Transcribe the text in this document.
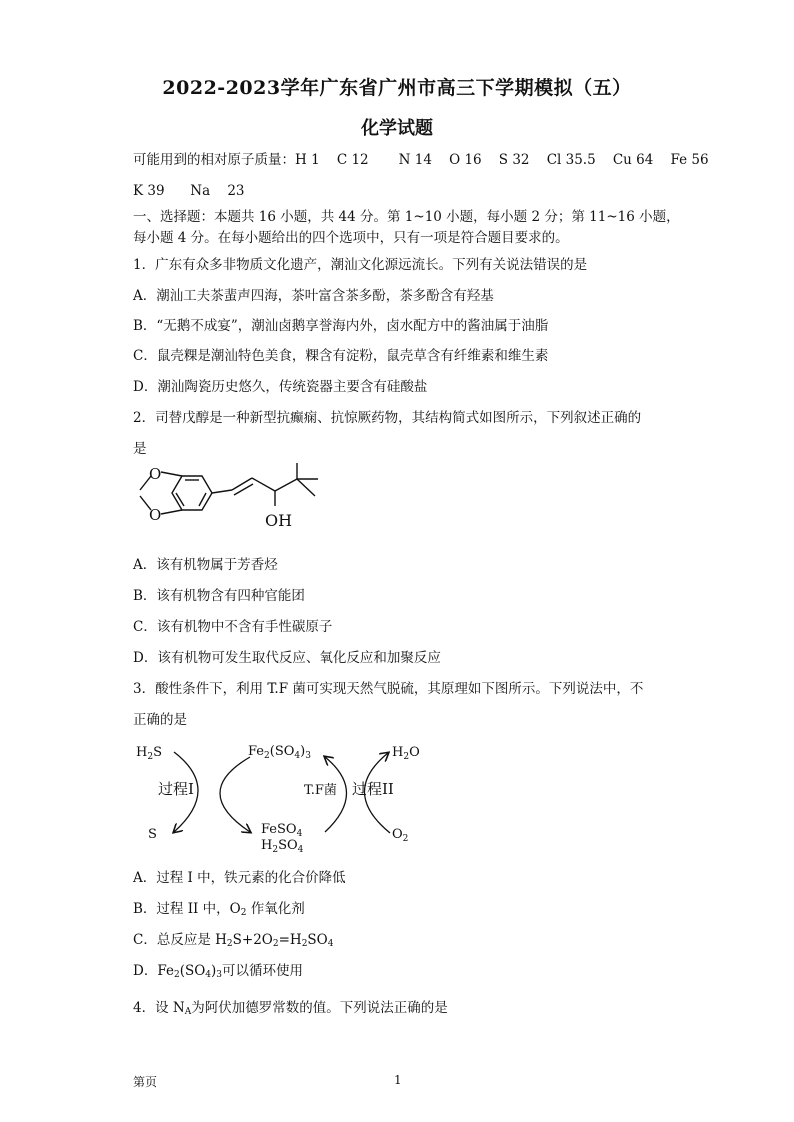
2022-2023学年广东省广州市高三下学期模拟（五）
化学试题
可能用到的相对原子质量：H 1    C 12       N 14    O 16    S 32    Cl 35.5    Cu 64    Fe 56
K 39      Na    23
一、选择题：本题共 16 小题，共 44 分。第 1~10 小题，每小题 2 分；第 11~16 小题，
每小题 4 分。在每小题给出的四个选项中，只有一项是符合题目要求的。
1．广东有众多非物质文化遗产，潮汕文化源远流长。下列有关说法错误的是
A．潮汕工夫茶蜚声四海，茶叶富含茶多酚，茶多酚含有羟基
B．“无鹅不成宴”，潮汕卤鹅享誉海内外，卤水配方中的酱油属于油脂
C．鼠壳粿是潮汕特色美食，粿含有淀粉，鼠壳草含有纤维素和维生素
D．潮汕陶瓷历史悠久，传统瓷器主要含有硅酸盐
2．司替戊醇是一种新型抗癫痫、抗惊厥药物，其结构简式如图所示，下列叙述正确的
是
O
O	OH
A．该有机物属于芳香烃
B．该有机物含有四种官能团
C．该有机物中不含有手性碳原子
D．该有机物可发生取代反应、氧化反应和加聚反应
3．酸性条件下，利用 T.F 菌可实现天然气脱硫，其原理如下图所示。下列说法中，不
正确的是
$H_2S$	$Fe_2(SO_4)_3$	$H_2O$
过程I	T.F菌 过程II
S	FeSO$_4$
$H_2SO_4$
$O_2$
A．过程 I 中，铁元素的化合价降低
B．过程 II 中，$O_2$ 作氧化剂
C．总反应是 $H_2S+2O_2=H_2SO_4$
D．$Fe_2(SO_4)_3$可以循环使用
4．设 $N_A$为阿伏加德罗常数的值。下列说法正确的是
第页	1
